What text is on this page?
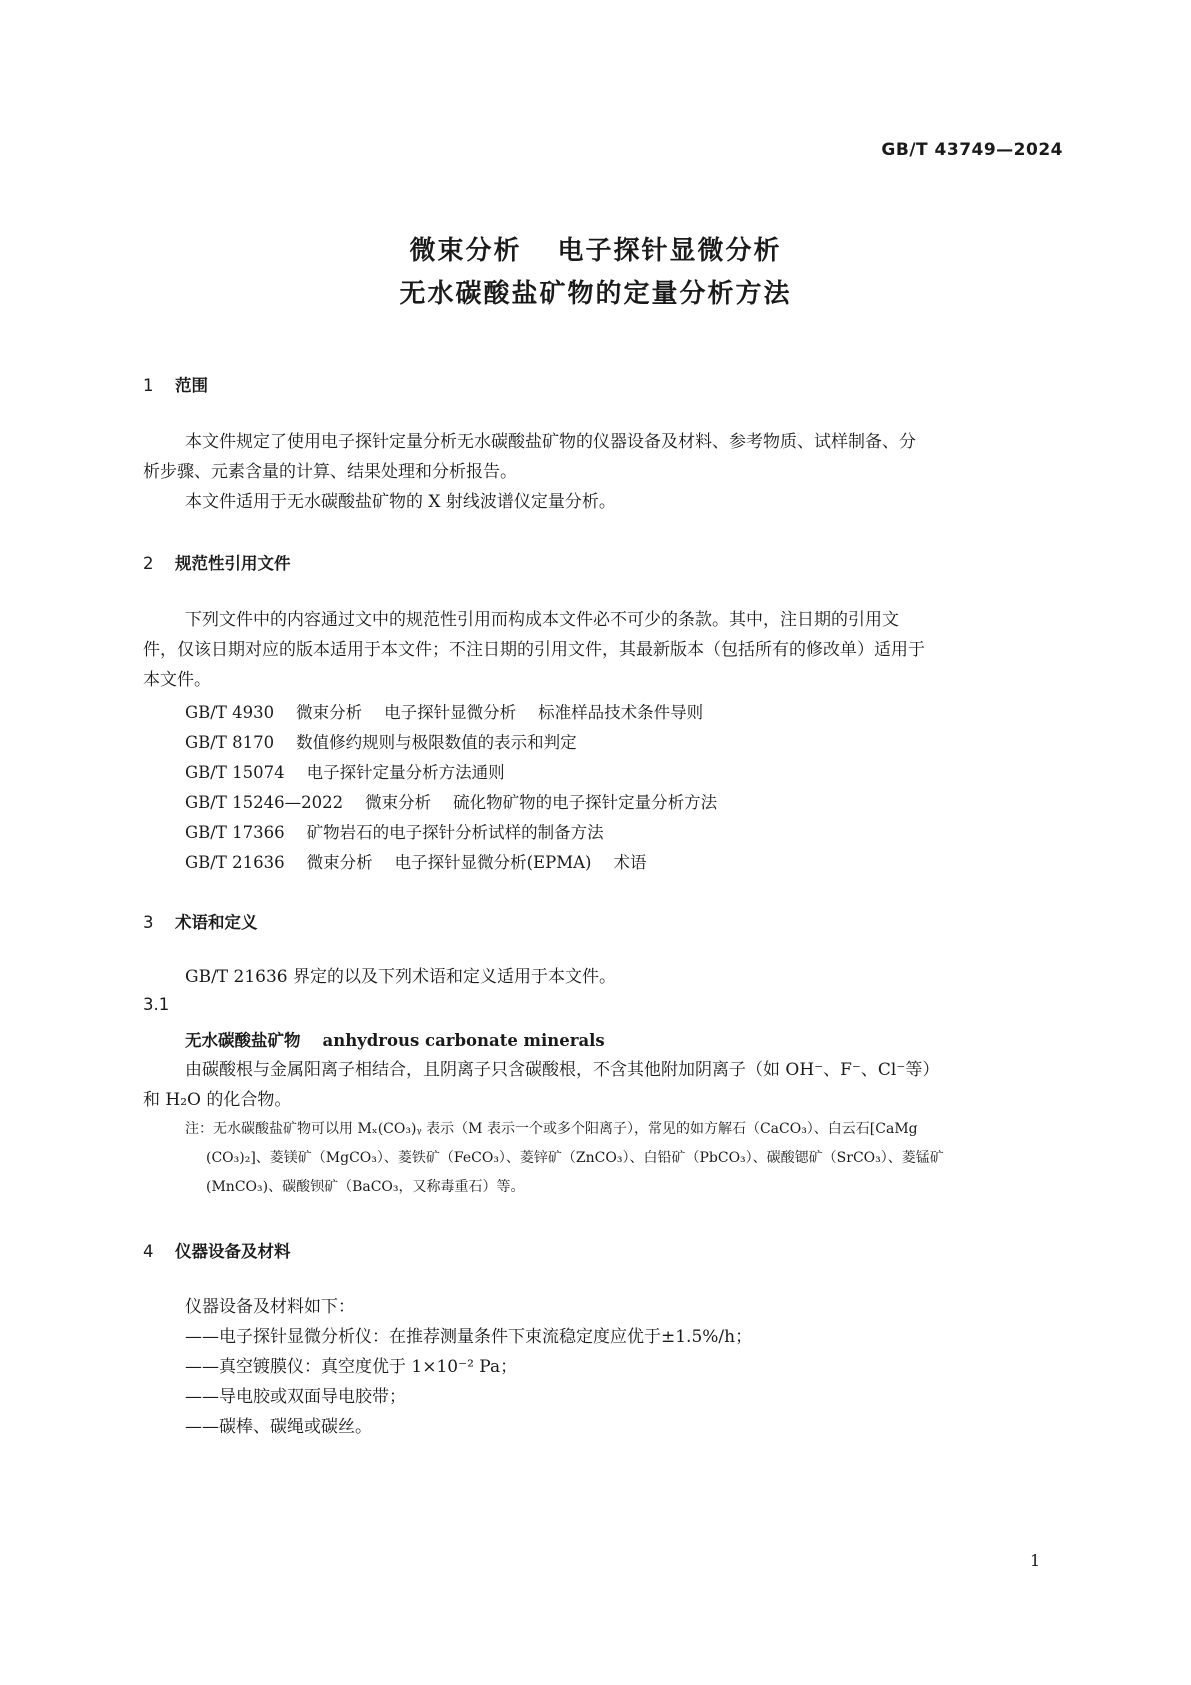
GB/T 43749—2024
微束分析 电子探针显微分析
无水碳酸盐矿物的定量分析方法
1 范围
本文件规定了使用电子探针定量分析无水碳酸盐矿物的仪器设备及材料、参考物质、试样制备、分
析步骤、元素含量的计算、结果处理和分析报告。
本文件适用于无水碳酸盐矿物的 X 射线波谱仪定量分析。
2 规范性引用文件
下列文件中的内容通过文中的规范性引用而构成本文件必不可少的条款。其中，注日期的引用文
件，仅该日期对应的版本适用于本文件；不注日期的引用文件，其最新版本（包括所有的修改单）适用于
本文件。
GB/T 4930 微束分析 电子探针显微分析 标准样品技术条件导则
GB/T 8170 数值修约规则与极限数值的表示和判定
GB/T 15074 电子探针定量分析方法通则
GB/T 15246—2022 微束分析 硫化物矿物的电子探针定量分析方法
GB/T 17366 矿物岩石的电子探针分析试样的制备方法
GB/T 21636 微束分析 电子探针显微分析(EPMA) 术语
3 术语和定义
GB/T 21636 界定的以及下列术语和定义适用于本文件。
3.1
无水碳酸盐矿物 anhydrous carbonate minerals
由碳酸根与金属阳离子相结合，且阴离子只含碳酸根，不含其他附加阴离子（如 OH⁻、F⁻、Cl⁻等）
和 H₂O 的化合物。
注：无水碳酸盐矿物可以用 Mₓ(CO₃)ᵧ 表示（M 表示一个或多个阳离子），常见的如方解石（CaCO₃）、白云石[CaMg
(CO₃)₂]、菱镁矿（MgCO₃）、菱铁矿（FeCO₃）、菱锌矿（ZnCO₃）、白铅矿（PbCO₃）、碳酸锶矿（SrCO₃）、菱锰矿
(MnCO₃)、碳酸钡矿（BaCO₃，又称毒重石）等。
4 仪器设备及材料
仪器设备及材料如下：
——电子探针显微分析仪：在推荐测量条件下束流稳定度应优于±1.5%/h；
——真空镀膜仪：真空度优于 1×10⁻² Pa；
——导电胶或双面导电胶带；
——碳棒、碳绳或碳丝。
1
